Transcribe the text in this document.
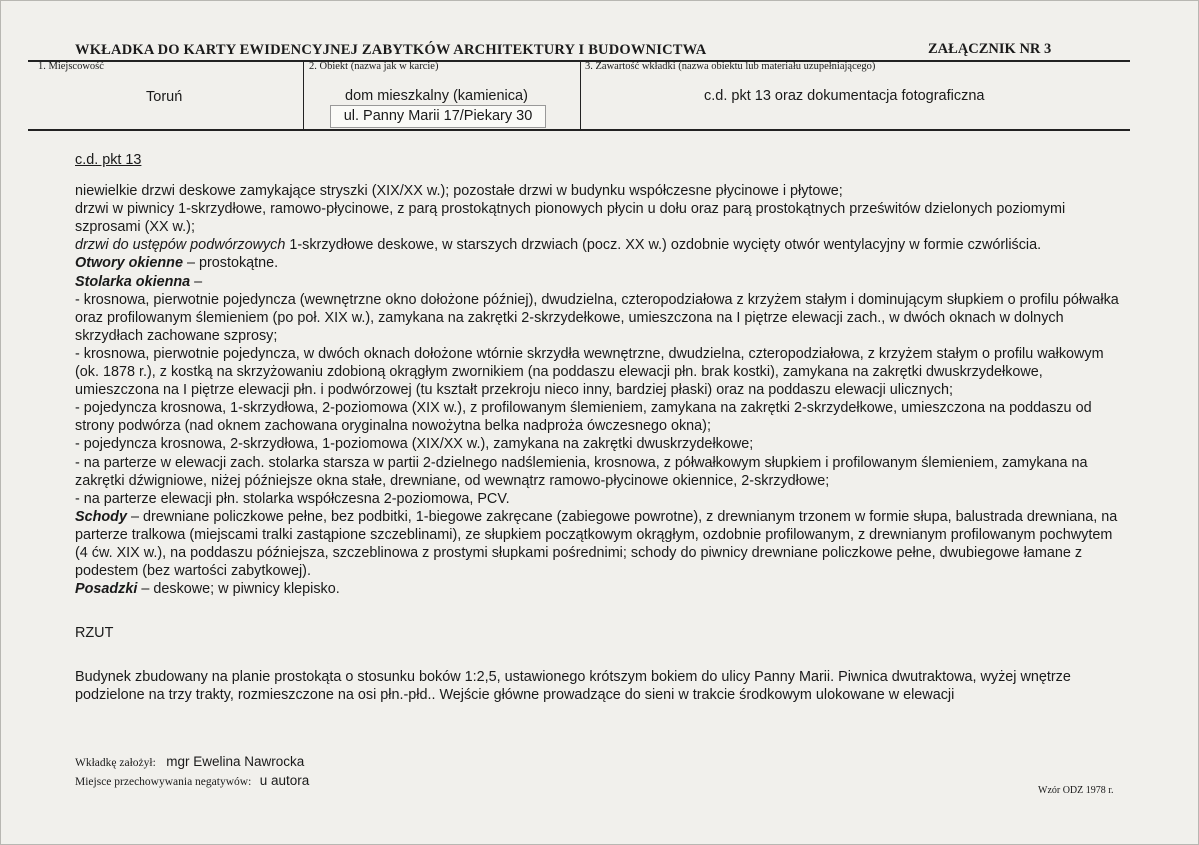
WKŁADKA DO KARTY EWIDENCYJNEJ ZABYTKÓW ARCHITEKTURY I BUDOWNICTWA	ZAŁĄCZNIK NR 3
1. Miejscowość
Toruń
2. Obiekt (nazwa jak w karcie)
dom mieszkalny (kamienica)
ul. Panny Marii 17/Piekary 30
3. Zawartość wkładki (nazwa obiektu lub materiału uzupełniającego)
c.d. pkt 13 oraz dokumentacja fotograficzna

c.d. pkt 13

niewielkie drzwi deskowe zamykające stryszki (XIX/XX w.); pozostałe drzwi w budynku współczesne płycinowe i płytowe;

drzwi w piwnicy 1-skrzydłowe, ramowo-płycinowe, z parą prostokątnych pionowych płycin u dołu oraz parą prostokątnych prześwitów dzielonych poziomymi szprosami (XX w.);

drzwi do ustępów podwórzowych 1-skrzydłowe deskowe, w starszych drzwiach (pocz. XX w.) ozdobnie wycięty otwór wentylacyjny w formie czwórliścia.

Otwory okienne – prostokątne.

Stolarka okienna –

- krosnowa, pierwotnie pojedyncza (wewnętrzne okno dołożone później), dwudzielna, czteropodziałowa z krzyżem stałym i dominującym słupkiem o profilu półwałka oraz profilowanym ślemieniem (po poł. XIX w.), zamykana na zakrętki 2-skrzydełkowe, umieszczona na I piętrze elewacji zach., w dwóch oknach w dolnych skrzydłach zachowane szprosy;

- krosnowa, pierwotnie pojedyncza, w dwóch oknach dołożone wtórnie skrzydła wewnętrzne, dwudzielna, czteropodziałowa, z krzyżem stałym o profilu wałkowym (ok. 1878 r.), z kostką na skrzyżowaniu zdobioną okrągłym zwornikiem (na poddaszu elewacji płn. brak kostki), zamykana na zakrętki dwuskrzydełkowe, umieszczona na I piętrze elewacji płn. i podwórzowej (tu kształt przekroju nieco inny, bardziej płaski) oraz na poddaszu elewacji ulicznych;

- pojedyncza krosnowa, 1-skrzydłowa, 2-poziomowa (XIX w.), z profilowanym ślemieniem, zamykana na zakrętki 2-skrzydełkowe, umieszczona na poddaszu od strony podwórza (nad oknem zachowana oryginalna nowożytna belka nadproża ówczesnego okna);

- pojedyncza krosnowa, 2-skrzydłowa, 1-poziomowa (XIX/XX w.), zamykana na zakrętki dwuskrzydełkowe;

- na parterze w elewacji zach. stolarka starsza w partii 2-dzielnego nadślemienia, krosnowa, z półwałkowym słupkiem i profilowanym ślemieniem, zamykana na zakrętki dźwigniowe, niżej późniejsze okna stałe, drewniane, od wewnątrz ramowo-płycinowe okiennice, 2-skrzydłowe;

- na parterze elewacji płn. stolarka współczesna 2-poziomowa, PCV.

Schody – drewniane policzkowe pełne, bez podbitki, 1-biegowe zakręcane (zabiegowe powrotne), z drewnianym trzonem w formie słupa, balustrada drewniana, na parterze tralkowa (miejscami tralki zastąpione szczeblinami), ze słupkiem początkowym okrągłym, ozdobnie profilowanym, z drewnianym profilowanym pochwytem (4 ćw. XIX w.), na poddaszu późniejsza, szczeblinowa z prostymi słupkami pośrednimi; schody do piwnicy drewniane policzkowe pełne, dwubiegowe łamane z podestem (bez wartości zabytkowej).

Posadzki – deskowe; w piwnicy klepisko.

RZUT

Budynek zbudowany na planie prostokąta o stosunku boków 1:2,5, ustawionego krótszym bokiem do ulicy Panny Marii. Piwnica dwutraktowa, wyżej wnętrze podzielone na trzy trakty, rozmieszczone na osi płn.-płd.. Wejście główne prowadzące do sieni w trakcie środkowym ulokowane w elewacji

Wkładkę założył: mgr Ewelina Nawrocka
Miejsce przechowywania negatywów: u autora
Wzór ODZ 1978 r.
